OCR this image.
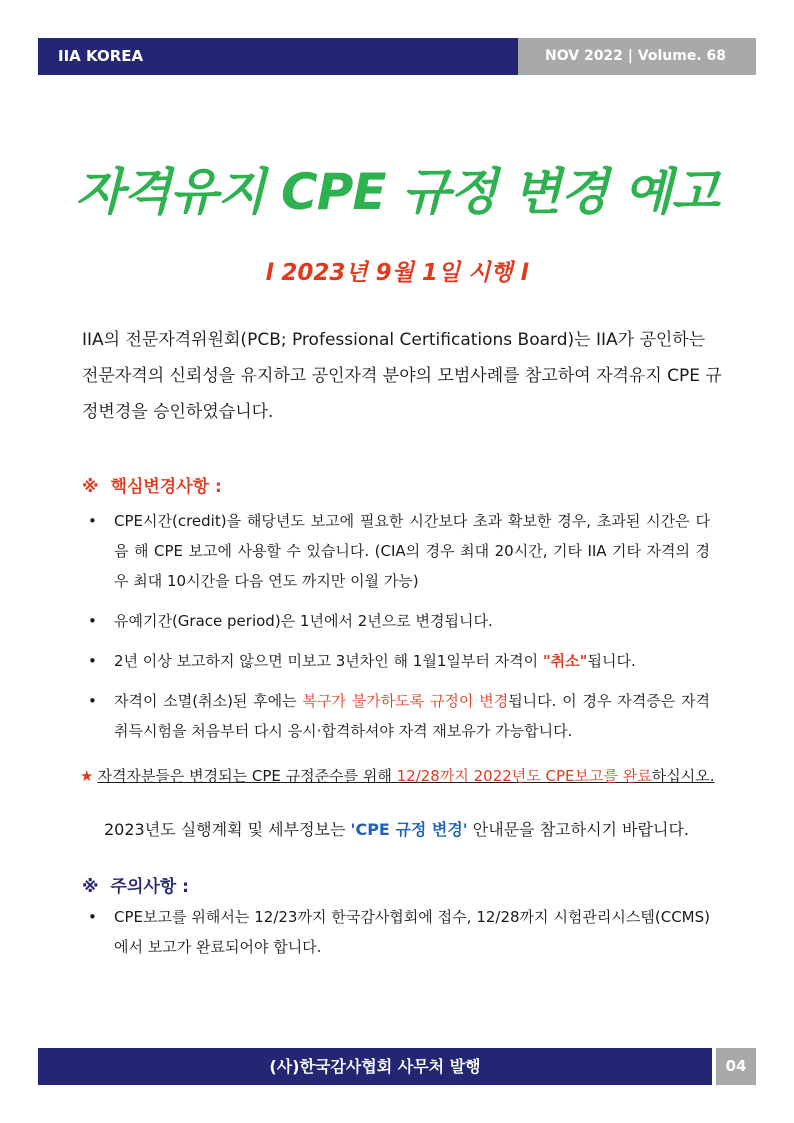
IIA KOREA	NOV 2022 | Volume. 68
자격유지 CPE 규정 변경 예고
l 2023년 9월 1일 시행 l
IIA의 전문자격위원회(PCB; Professional Certifications Board)는 IIA가 공인하는 전문자격의 신뢰성을 유지하고 공인자격 분야의 모범사례를 참고하여 자격유지 CPE 규정변경을 승인하였습니다.
※ 핵심변경사항 :
• CPE시간(credit)을 해당년도 보고에 필요한 시간보다 초과 확보한 경우, 초과된 시간은 다음 해 CPE 보고에 사용할 수 있습니다. (CIA의 경우 최대 20시간, 기타 IIA 기타 자격의 경우 최대 10시간을 다음 연도 까지만 이월 가능)
• 유예기간(Grace period)은 1년에서 2년으로 변경됩니다.
• 2년 이상 보고하지 않으면 미보고 3년차인 해 1월1일부터 자격이 "취소"됩니다.
• 자격이 소멸(취소)된 후에는 복구가 불가하도록 규정이 변경됩니다. 이 경우 자격증은 자격취득시험을 처음부터 다시 응시·합격하셔야 자격 재보유가 가능합니다.
★ 자격자분들은 변경되는 CPE 규정준수를 위해 12/28까지 2022년도 CPE보고를 완료하십시오.
2023년도 실행계획 및 세부정보는 'CPE 규정 변경' 안내문을 참고하시기 바랍니다.
※ 주의사항 :
• CPE보고를 위해서는 12/23까지 한국감사협회에 접수, 12/28까지 시험관리시스템(CCMS)에서 보고가 완료되어야 합니다.
(사)한국감사협회 사무처 발행	04
